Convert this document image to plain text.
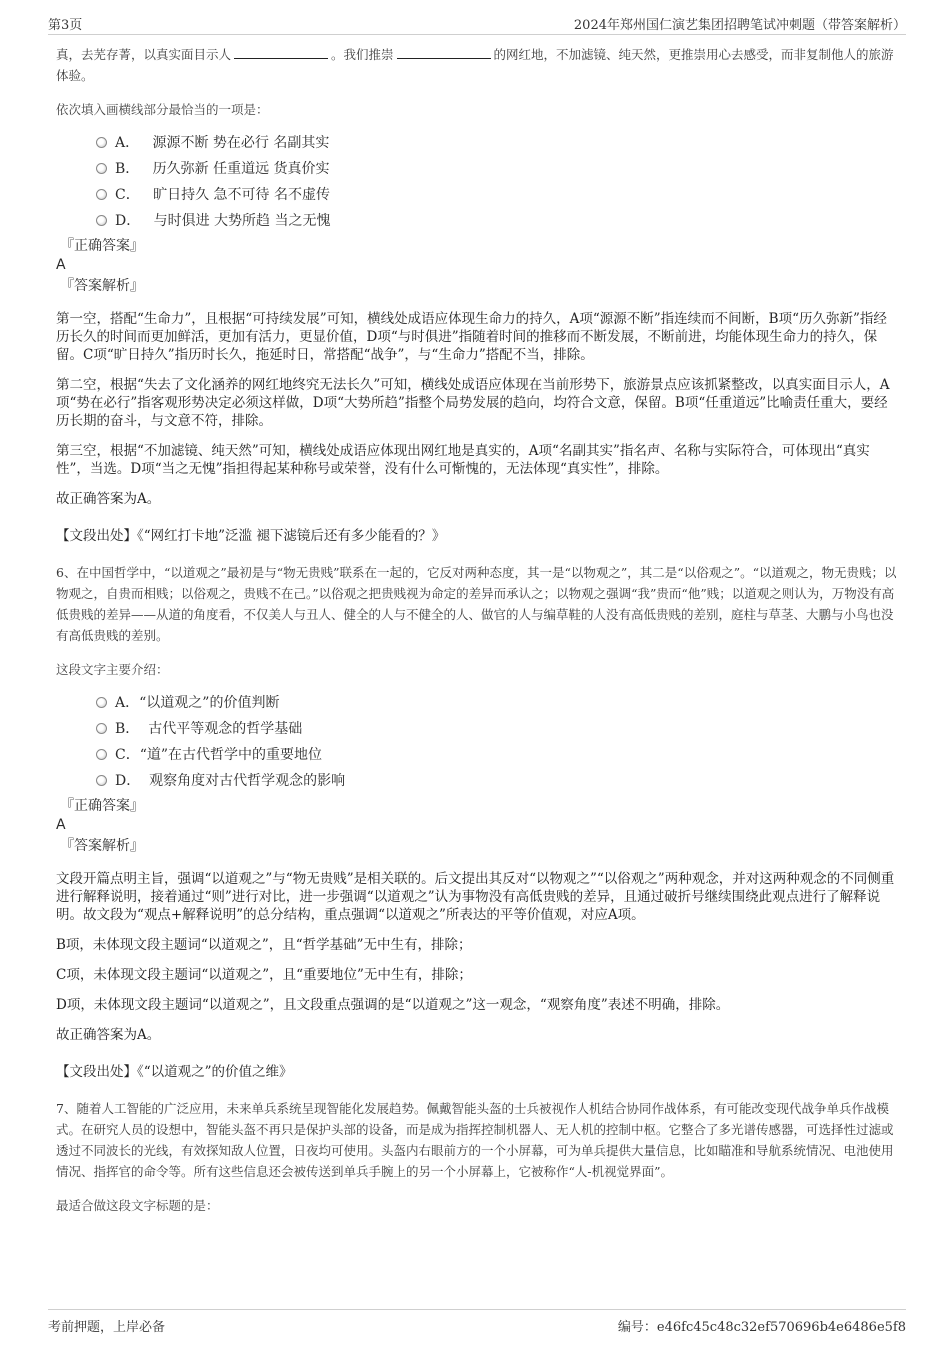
第3页	2024年郑州国仁演艺集团招聘笔试冲刺题（带答案解析）

真，去芜存菁，以真实面目示人	。我们推崇	的网红地，不加滤镜、纯天然，更推崇用心去感受，而非复制他人的旅游体验。

依次填入画横线部分最恰当的一项是：

A． 源源不断 势在必行 名副其实
B． 历久弥新 任重道远 货真价实
C． 旷日持久 急不可待 名不虚传
D． 与时俱进 大势所趋 当之无愧

『正确答案』

A

『答案解析』

第一空，搭配“生命力”，且根据“可持续发展”可知，横线处成语应体现生命力的持久，A项“源源不断”指连续而不间断，B项“历久弥新”指经历长久的时间而更加鲜活，更加有活力，更显价值，D项“与时俱进”指随着时间的推移而不断发展，不断前进，均能体现生命力的持久，保留。C项“旷日持久”指历时长久，拖延时日，常搭配“战争”，与“生命力”搭配不当，排除。

第二空，根据“失去了文化涵养的网红地终究无法长久”可知，横线处成语应体现在当前形势下，旅游景点应该抓紧整改，以真实面目示人，A项“势在必行”指客观形势决定必须这样做，D项“大势所趋”指整个局势发展的趋向，均符合文意，保留。B项“任重道远”比喻责任重大，要经历长期的奋斗，与文意不符，排除。

第三空，根据“不加滤镜、纯天然”可知，横线处成语应体现出网红地是真实的，A项“名副其实”指名声、名称与实际符合，可体现出“真实性”，当选。D项“当之无愧”指担得起某种称号或荣誉，没有什么可惭愧的，无法体现“真实性”，排除。

故正确答案为A。

【文段出处】《“网红打卡地”泛滥 褪下滤镜后还有多少能看的？》

6、在中国哲学中，“以道观之”最初是与“物无贵贱”联系在一起的，它反对两种态度，其一是“以物观之”，其二是“以俗观之”。“以道观之，物无贵贱；以物观之，自贵而相贱；以俗观之，贵贱不在己。”以俗观之把贵贱视为命定的差异而承认之；以物观之强调“我”贵而“他”贱；以道观之则认为，万物没有高低贵贱的差异——从道的角度看，不仅美人与丑人、健全的人与不健全的人、做官的人与编草鞋的人没有高低贵贱的差别，庭柱与草茎、大鹏与小鸟也没有高低贵贱的差别。

这段文字主要介绍：

A．“以道观之”的价值判断
B． 古代平等观念的哲学基础
C．“道”在古代哲学中的重要地位
D． 观察角度对古代哲学观念的影响

『正确答案』

A

『答案解析』

文段开篇点明主旨，强调“以道观之”与“物无贵贱”是相关联的。后文提出其反对“以物观之”“以俗观之”两种观念，并对这两种观念的不同侧重进行解释说明，接着通过“则”进行对比，进一步强调“以道观之”认为事物没有高低贵贱的差异，且通过破折号继续围绕此观点进行了解释说明。故文段为“观点+解释说明”的总分结构，重点强调“以道观之”所表达的平等价值观，对应A项。

B项，未体现文段主题词“以道观之”，且“哲学基础”无中生有，排除；

C项，未体现文段主题词“以道观之”，且“重要地位”无中生有，排除；

D项，未体现文段主题词“以道观之”，且文段重点强调的是“以道观之”这一观念，“观察角度”表述不明确，排除。

故正确答案为A。

【文段出处】《“以道观之”的价值之维》

7、随着人工智能的广泛应用，未来单兵系统呈现智能化发展趋势。佩戴智能头盔的士兵被视作人机结合协同作战体系，有可能改变现代战争单兵作战模式。在研究人员的设想中，智能头盔不再只是保护头部的设备，而是成为指挥控制机器人、无人机的控制中枢。它整合了多光谱传感器，可选择性过滤或透过不同波长的光线，有效探知敌人位置，日夜均可使用。头盔内右眼前方的一个小屏幕，可为单兵提供大量信息，比如瞄准和导航系统情况、电池使用情况、指挥官的命令等。所有这些信息还会被传送到单兵手腕上的另一个小屏幕上，它被称作“人-机视觉界面”。

最适合做这段文字标题的是：

考前押题，上岸必备	编号：e46fc45c48c32ef570696b4e6486e5f8
